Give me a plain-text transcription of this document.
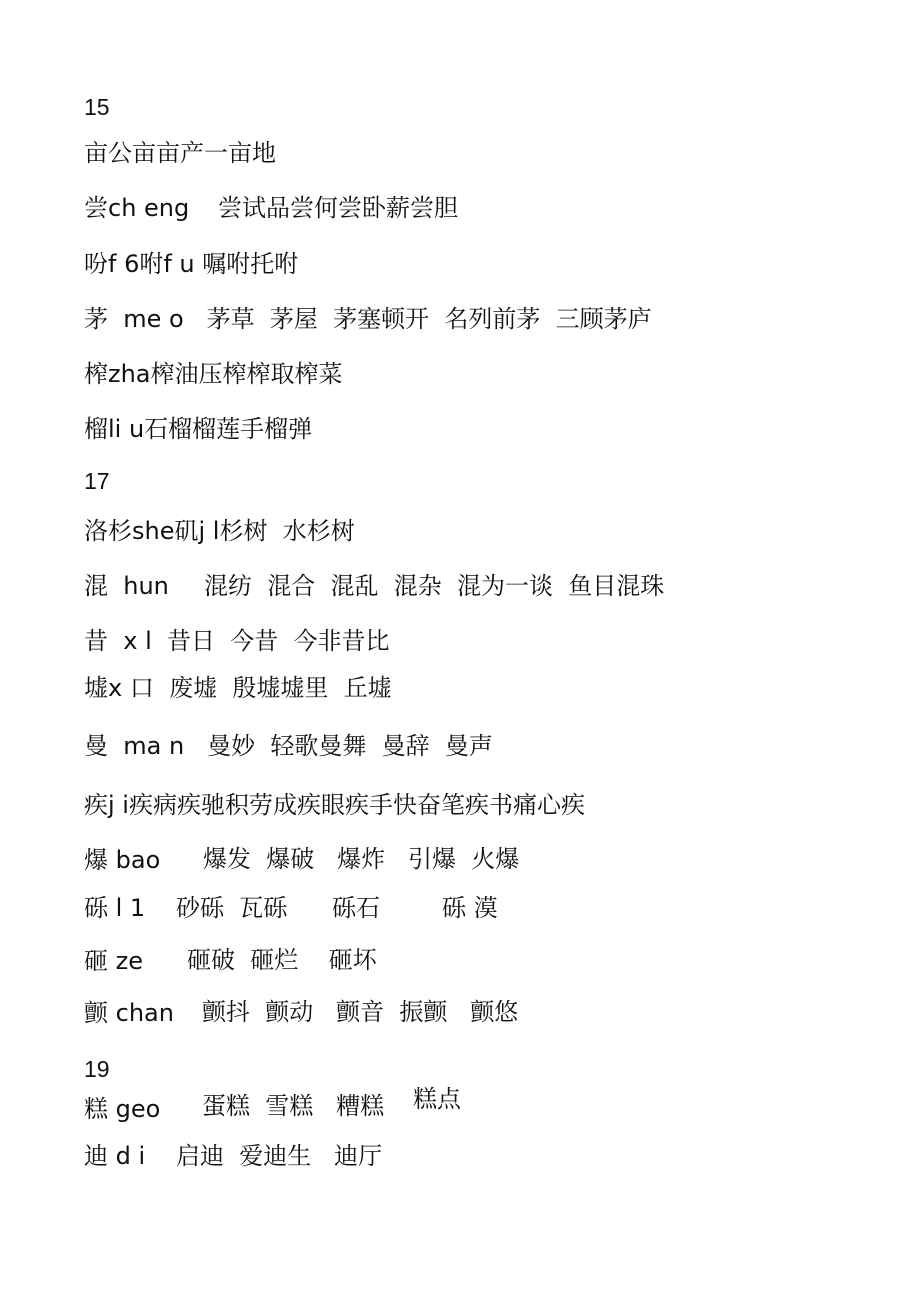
15
亩公亩亩产一亩地
尝ch eng 尝试品尝何尝卧薪尝胆
吩f 6咐f u 嘱咐托咐
茅  me o   茅草  茅屋  茅塞顿开  名列前茅  三顾茅庐
榨zha榨油压榨榨取榨菜
榴li u石榴榴莲手榴弹
17
洛杉she矶j l杉树  水杉树
混  hun 混纺  混合  混乱  混杂  混为一谈  鱼目混珠
昔  x l  昔日  今昔  今非昔比
墟x 口  废墟  殷墟墟里  丘墟
曼  ma n   曼妙  轻歌曼舞  曼辞  曼声
疾j i疾病疾驰积劳成疾眼疾手快奋笔疾书痛心疾
爆 bao 爆发  爆破   爆炸   引爆  火爆
砾 l 1 砂砾  瓦砾 砾石	砾 漠
砸 ze 砸破  砸烂    砸坏
颤 chan 颤抖  颤动   颤音  振颤   颤悠
19
糕 geo 蛋糕  雪糕   糟糕 糕点
迪 d i 启迪  爱迪生   迪厅
